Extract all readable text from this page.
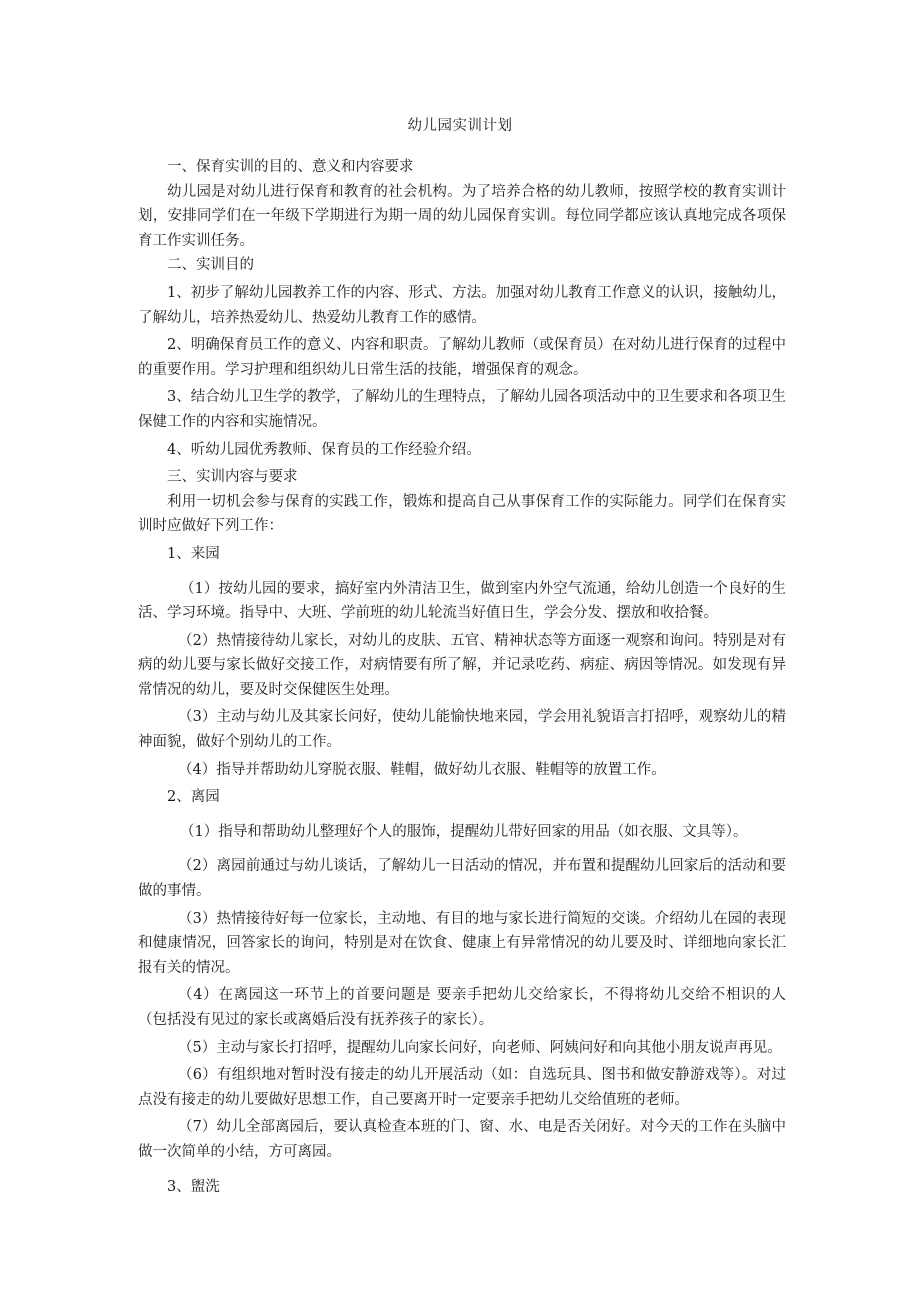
幼儿园实训计划

一、保育实训的目的、意义和内容要求

幼儿园是对幼儿进行保育和教育的社会机构。为了培养合格的幼儿教师，按照学校的教育实训计划，安排同学们在一年级下学期进行为期一周的幼儿园保育实训。每位同学都应该认真地完成各项保育工作实训任务。

二、实训目的

1、初步了解幼儿园教养工作的内容、形式、方法。加强对幼儿教育工作意义的认识，接触幼儿，了解幼儿，培养热爱幼儿、热爱幼儿教育工作的感情。

2、明确保育员工作的意义、内容和职责。了解幼儿教师（或保育员）在对幼儿进行保育的过程中的重要作用。学习护理和组织幼儿日常生活的技能，增强保育的观念。

3、结合幼儿卫生学的教学，了解幼儿的生理特点，了解幼儿园各项活动中的卫生要求和各项卫生保健工作的内容和实施情况。

4、听幼儿园优秀教师、保育员的工作经验介绍。

三、实训内容与要求

利用一切机会参与保育的实践工作，锻炼和提高自己从事保育工作的实际能力。同学们在保育实训时应做好下列工作：

1、来园

（1）按幼儿园的要求，搞好室内外清洁卫生，做到室内外空气流通，给幼儿创造一个良好的生活、学习环境。指导中、大班、学前班的幼儿轮流当好值日生，学会分发、摆放和收拾餐。

（2）热情接待幼儿家长，对幼儿的皮肤、五官、精神状态等方面逐一观察和询问。特别是对有病的幼儿要与家长做好交接工作，对病情要有所了解，并记录吃药、病症、病因等情况。如发现有异常情况的幼儿，要及时交保健医生处理。

（3）主动与幼儿及其家长问好，使幼儿能愉快地来园，学会用礼貌语言打招呼，观察幼儿的精神面貌，做好个别幼儿的工作。

（4）指导并帮助幼儿穿脱衣服、鞋帽，做好幼儿衣服、鞋帽等的放置工作。

2、离园

（1）指导和帮助幼儿整理好个人的服饰，提醒幼儿带好回家的用品（如衣服、文具等）。

（2）离园前通过与幼儿谈话，了解幼儿一日活动的情况，并布置和提醒幼儿回家后的活动和要做的事情。

（3）热情接待好每一位家长，主动地、有目的地与家长进行简短的交谈。介绍幼儿在园的表现和健康情况，回答家长的询问，特别是对在饮食、健康上有异常情况的幼儿要及时、详细地向家长汇报有关的情况。

（4）在离园这一环节上的首要问题是 要亲手把幼儿交给家长，不得将幼儿交给不相识的人（包括没有见过的家长或离婚后没有抚养孩子的家长）。

（5）主动与家长打招呼，提醒幼儿向家长问好，向老师、阿姨问好和向其他小朋友说声再见。

（6）有组织地对暂时没有接走的幼儿开展活动（如：自选玩具、图书和做安静游戏等）。对过点没有接走的幼儿要做好思想工作，自己要离开时一定要亲手把幼儿交给值班的老师。

（7）幼儿全部离园后，要认真检查本班的门、窗、水、电是否关闭好。对今天的工作在头脑中做一次简单的小结，方可离园。

3、盥洗
